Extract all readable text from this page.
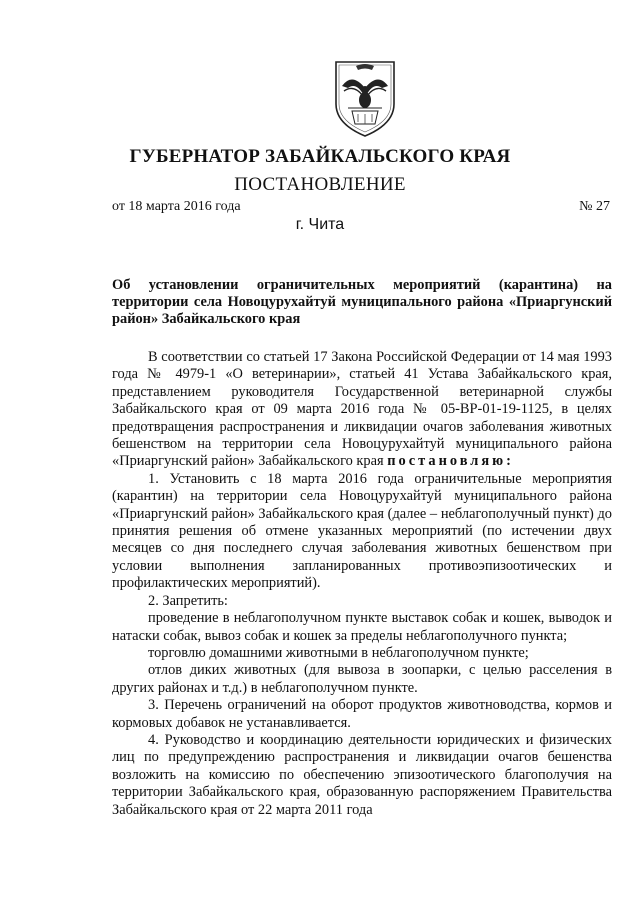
ГУБЕРНАТОР ЗАБАЙКАЛЬСКОГО КРАЯ
ПОСТАНОВЛЕНИЕ
от 18 марта 2016 года	№ 27
г. Чита
Об установлении ограничительных мероприятий (карантина) на территории села Новоцурухайтуй муниципального района «Приаргунский район» Забайкальского края

В соответствии со статьей 17 Закона Российской Федерации от 14 мая 1993 года № 4979-1 «О ветеринарии», статьей 41 Устава Забайкальского края, представлением руководителя Государственной ветеринарной службы Забайкальского края от 09 марта 2016 года № 05-ВР-01-19-1125, в целях предотвращения распространения и ликвидации очагов заболевания животных бешенством на территории села Новоцурухайтуй муниципального района «Приаргунский район» Забайкальского края постановляю:

1. Установить с 18 марта 2016 года ограничительные мероприятия (карантин) на территории села Новоцурухайтуй муниципального района «Приаргунский район» Забайкальского края (далее – неблагополучный пункт) до принятия решения об отмене указанных мероприятий (по истечении двух месяцев со дня последнего случая заболевания животных бешенством при условии выполнения запланированных противоэпизоотических и профилактических мероприятий).

2. Запретить:

проведение в неблагополучном пункте выставок собак и кошек, выводок и натаски собак, вывоз собак и кошек за пределы неблагополучного пункта;

торговлю домашними животными в неблагополучном пункте;

отлов диких животных (для вывоза в зоопарки, с целью расселения в других районах и т.д.) в неблагополучном пункте.

3. Перечень ограничений на оборот продуктов животноводства, кормов и кормовых добавок не устанавливается.

4. Руководство и координацию деятельности юридических и физических лиц по предупреждению распространения и ликвидации очагов бешенства возложить на комиссию по обеспечению эпизоотического благополучия на территории Забайкальского края, образованную распоряжением Правительства Забайкальского края от 22 марта 2011 года
